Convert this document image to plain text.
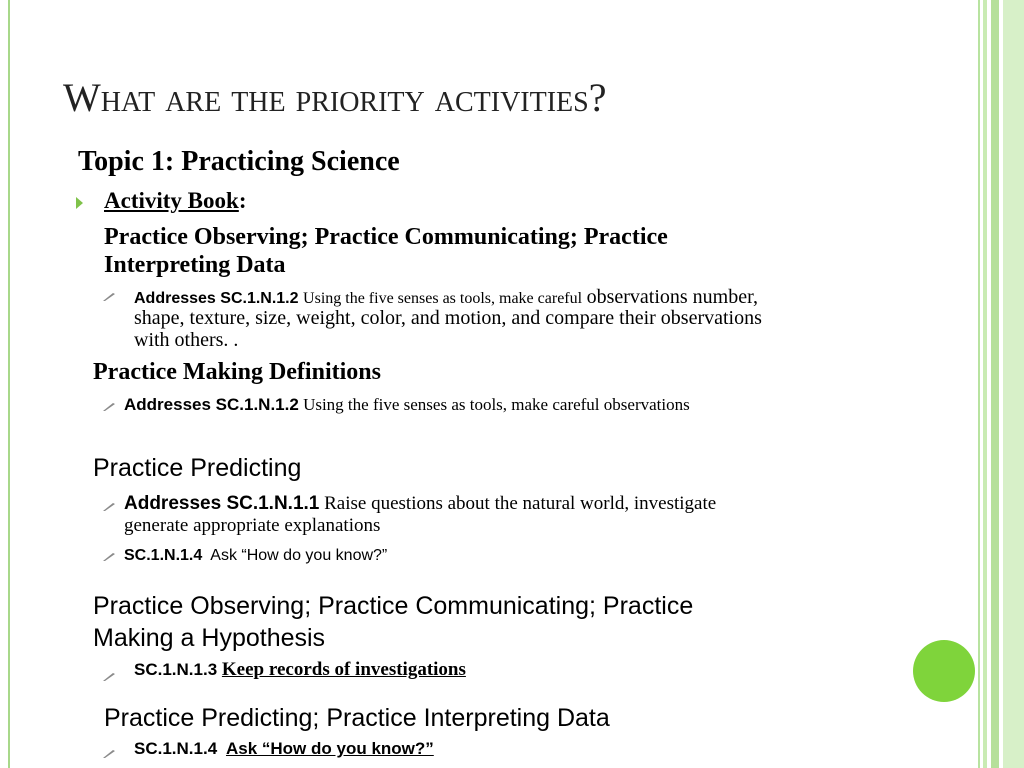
What are the priority activities?
Topic 1: Practicing Science
Activity Book:
Practice Observing; Practice Communicating; Practice
Interpreting Data
Addresses SC.1.N.1.2 Using the five senses as tools, make careful observations number,
shape, texture, size, weight, color, and motion, and compare their observations
with others. .
Practice Making Definitions
Addresses SC.1.N.1.2 Using the five senses as tools, make careful observations
Practice Predicting
Addresses SC.1.N.1.1 Raise questions about the natural world, investigate
generate appropriate explanations
SC.1.N.1.4 Ask “How do you know?”
Practice Observing; Practice Communicating; Practice
Making a Hypothesis
SC.1.N.1.3 Keep records of investigations
Practice Predicting; Practice Interpreting Data
SC.1.N.1.4 Ask “How do you know?”
